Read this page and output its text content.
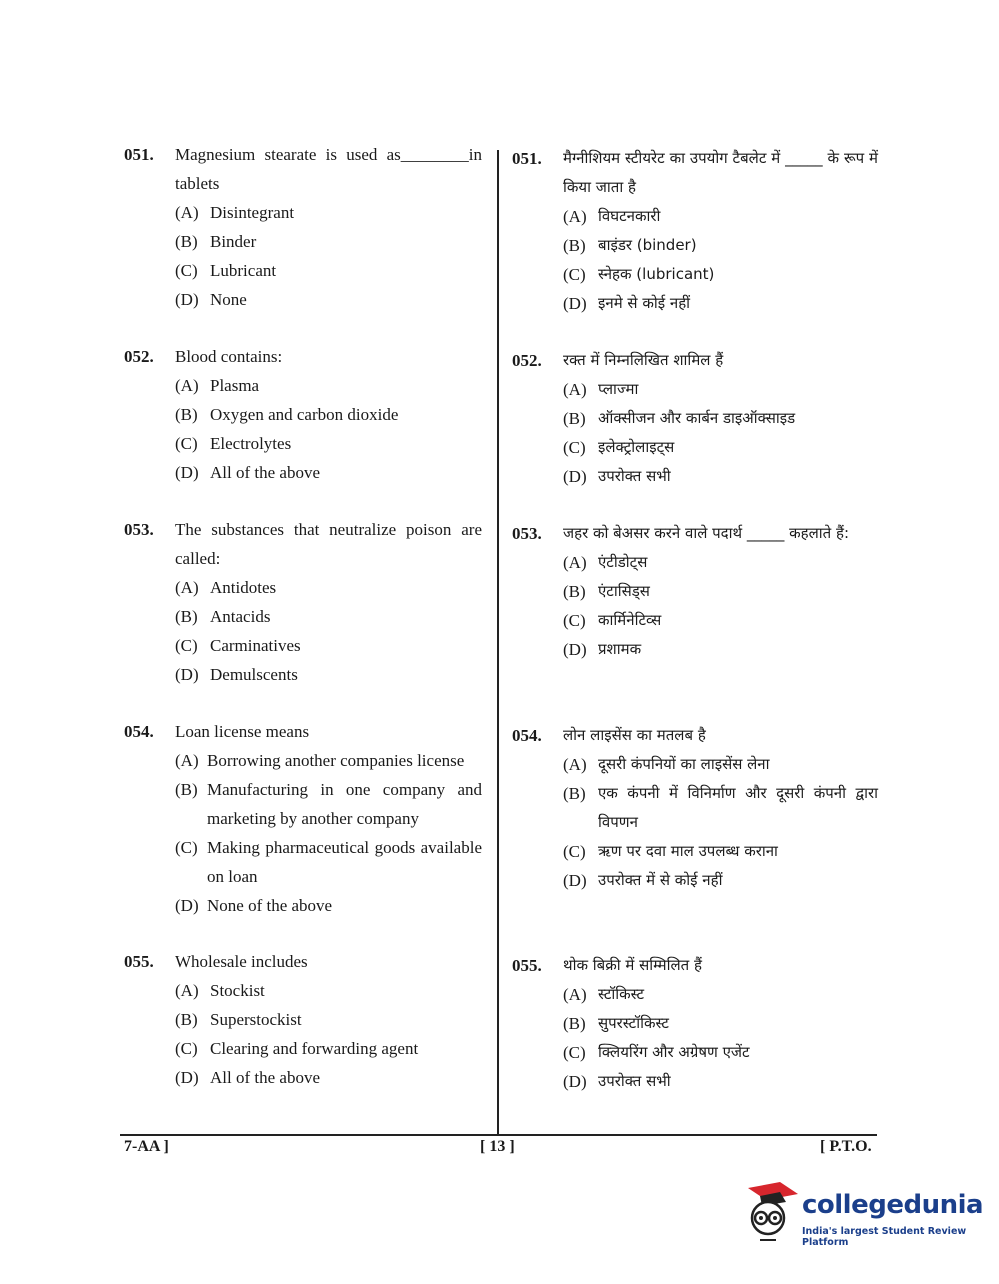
051.	Magnesium stearate is used as________in tablets
(A) Disintegrant
(B) Binder
(C) Lubricant
(D) None
052.	Blood contains:
(A) Plasma
(B) Oxygen and carbon dioxide
(C) Electrolytes
(D) All of the above
053.	The substances that neutralize poison are called:
(A) Antidotes
(B) Antacids
(C) Carminatives
(D) Demulscents
054.	Loan license means
(A) Borrowing another companies license
(B) Manufacturing in one company and marketing by another company
(C) Making pharmaceutical goods available on loan
(D) None of the above
055.	Wholesale includes
(A) Stockist
(B) Superstockist
(C) Clearing and forwarding agent
(D) All of the above
051.	मैग्नीशियम स्टीयरेट का उपयोग टैबलेट में _____ के रूप में किया जाता है
(A) विघटनकारी
(B) बाइंडर (binder)
(C) स्नेहक (lubricant)
(D) इनमे से कोई नहीं
052.	रक्त में निम्नलिखित शामिल हैं
(A) प्लाज्मा
(B) ऑक्सीजन और कार्बन डाइऑक्साइड
(C) इलेक्ट्रोलाइट्स
(D) उपरोक्त सभी
053.	जहर को बेअसर करने वाले पदार्थ _____ कहलाते हैं:
(A) एंटीडोट्स
(B) एंटासिड्स
(C) कार्मिनेटिव्स
(D) प्रशामक
054.	लोन लाइसेंस का मतलब है
(A) दूसरी कंपनियों का लाइसेंस लेना
(B) एक कंपनी में विनिर्माण और दूसरी कंपनी द्वारा विपणन
(C) ऋण पर दवा माल उपलब्ध कराना
(D) उपरोक्त में से कोई नहीं
055.	थोक बिक्री में सम्मिलित हैं
(A) स्टॉकिस्ट
(B) सुपरस्टॉकिस्ट
(C) क्लियरिंग और अग्रेषण एजेंट
(D) उपरोक्त सभी
7-AA ]	[ 13 ]	[ P.T.O.
collegedunia
India's largest Student Review Platform
